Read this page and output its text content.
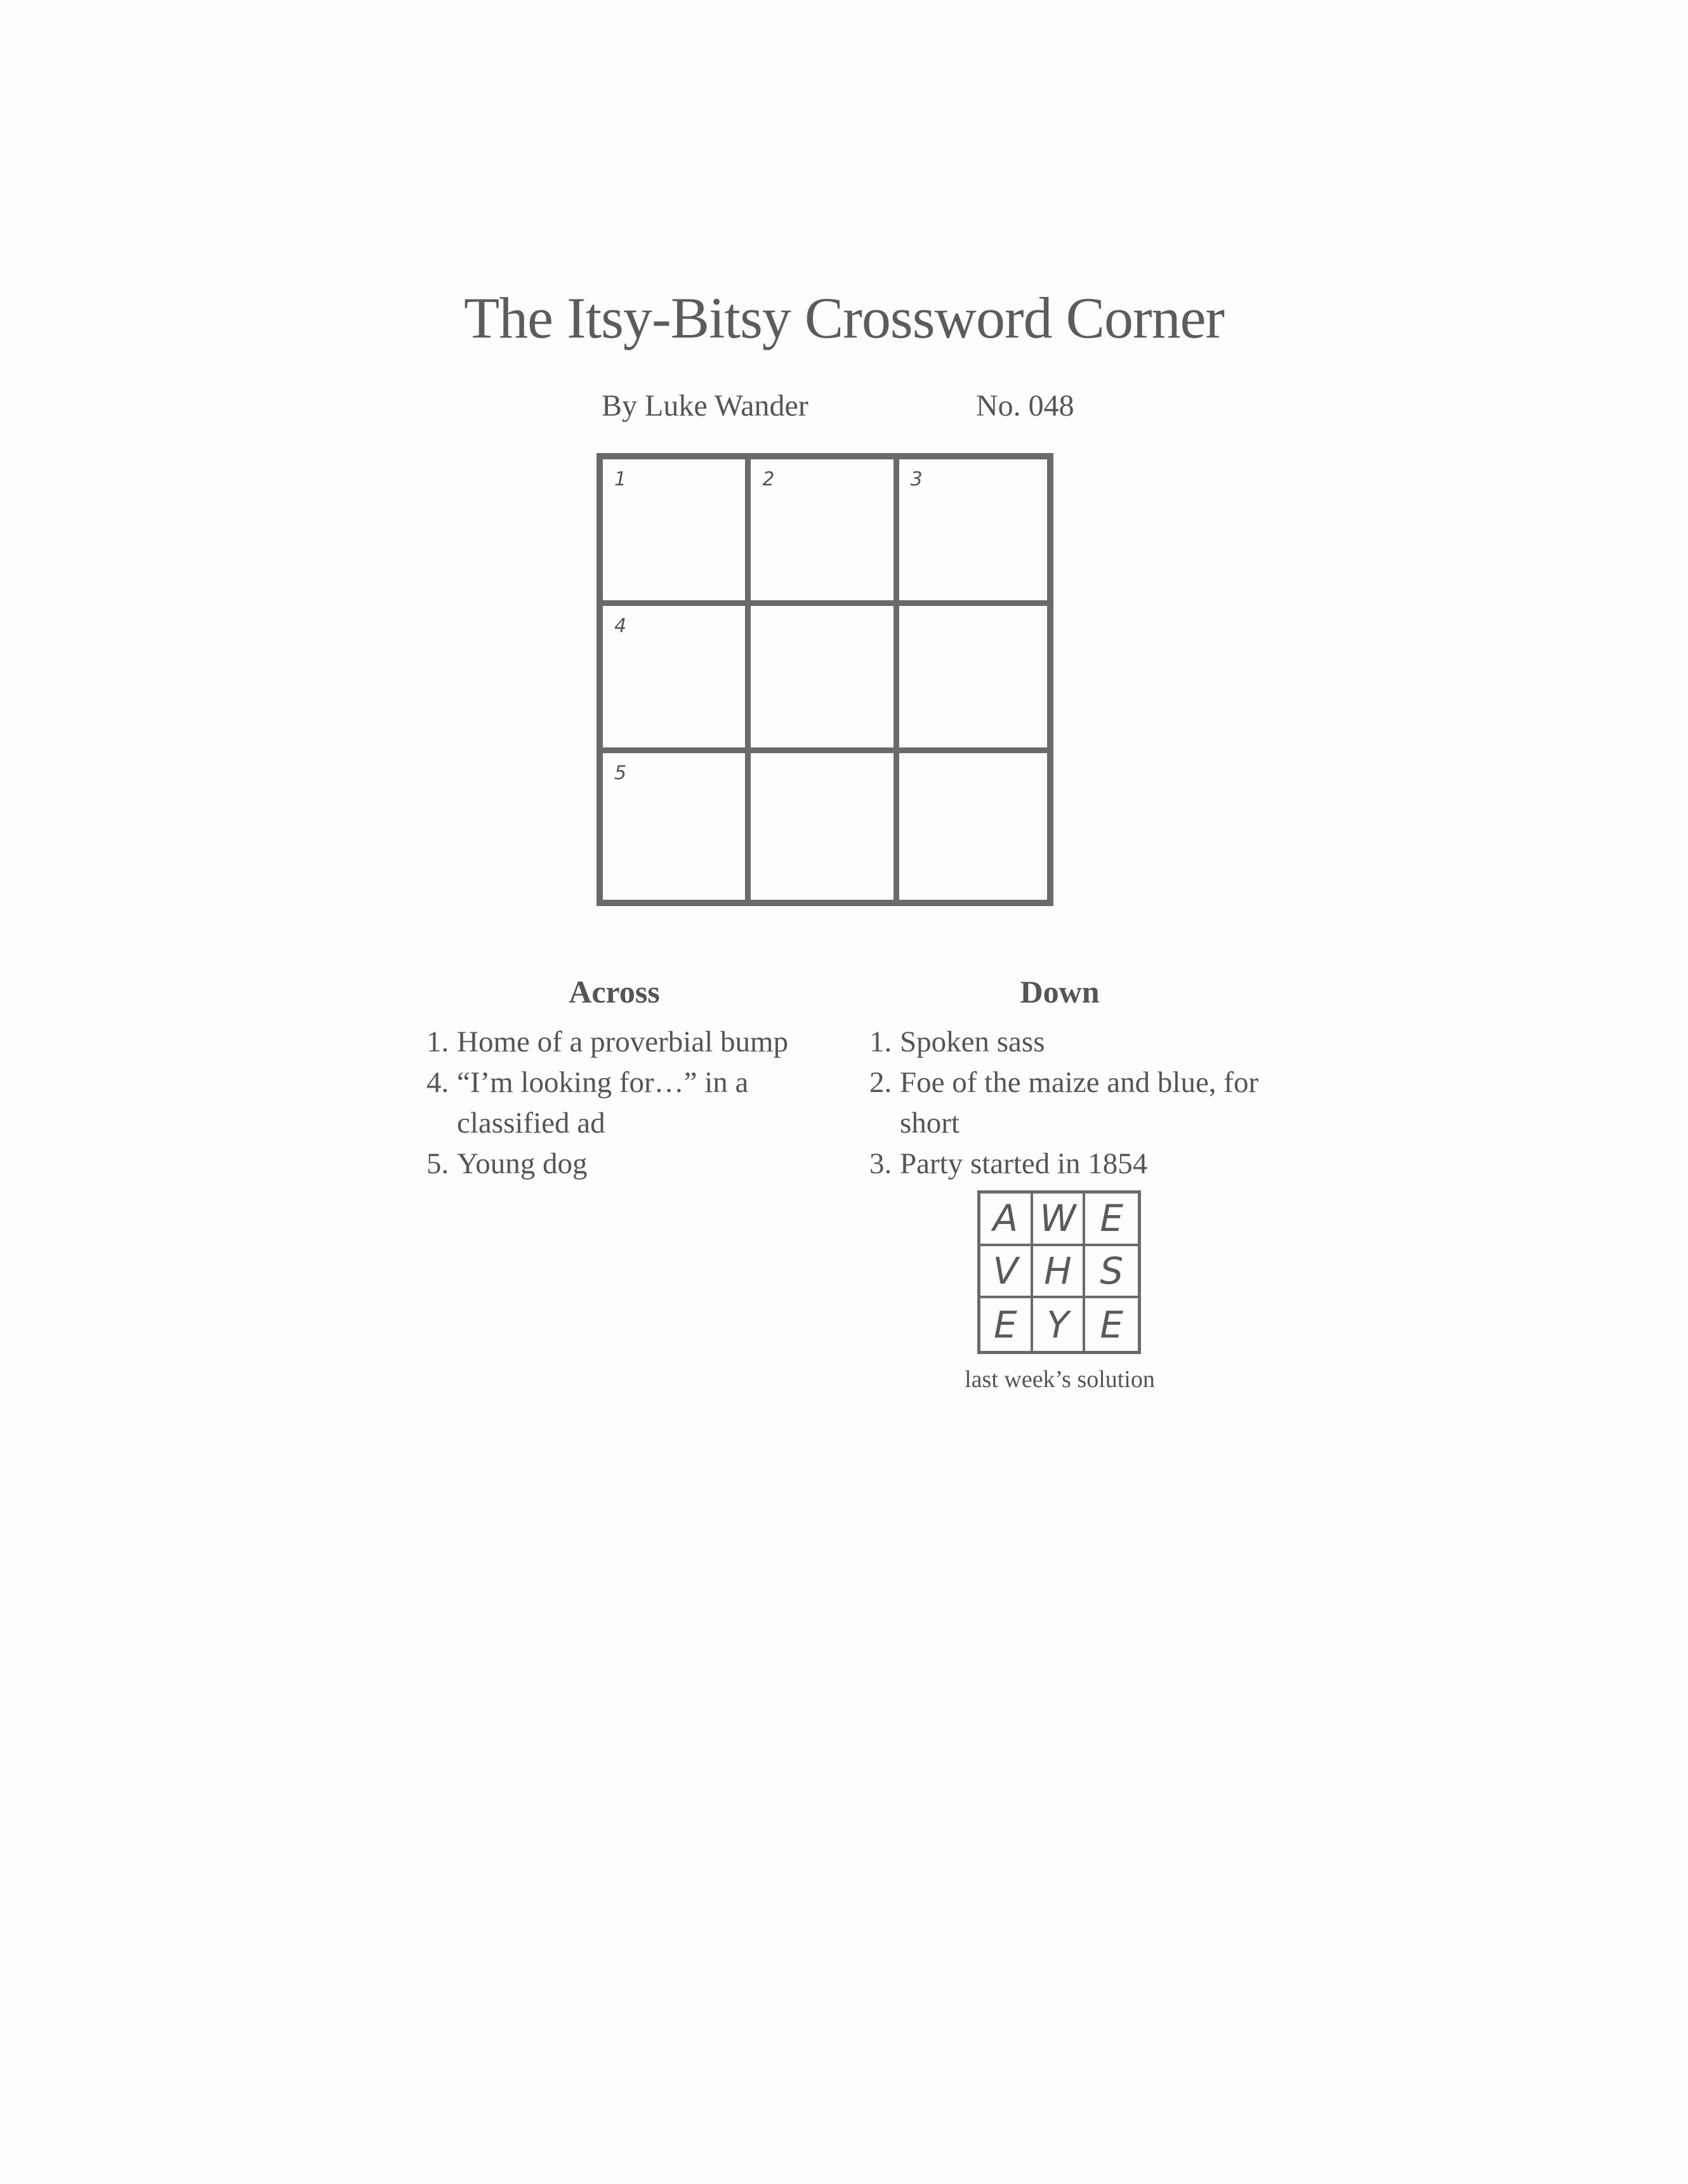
The Itsy-Bitsy Crossword Corner
By Luke Wander	No. 048
1	2	3
4
5
Across
1. Home of a proverbial bump
4. “I’m looking for…” in a classified ad
5. Young dog
Down
1. Spoken sass
2. Foe of the maize and blue, for short
3. Party started in 1854
A W E
V H S
E Y E
last week’s solution
